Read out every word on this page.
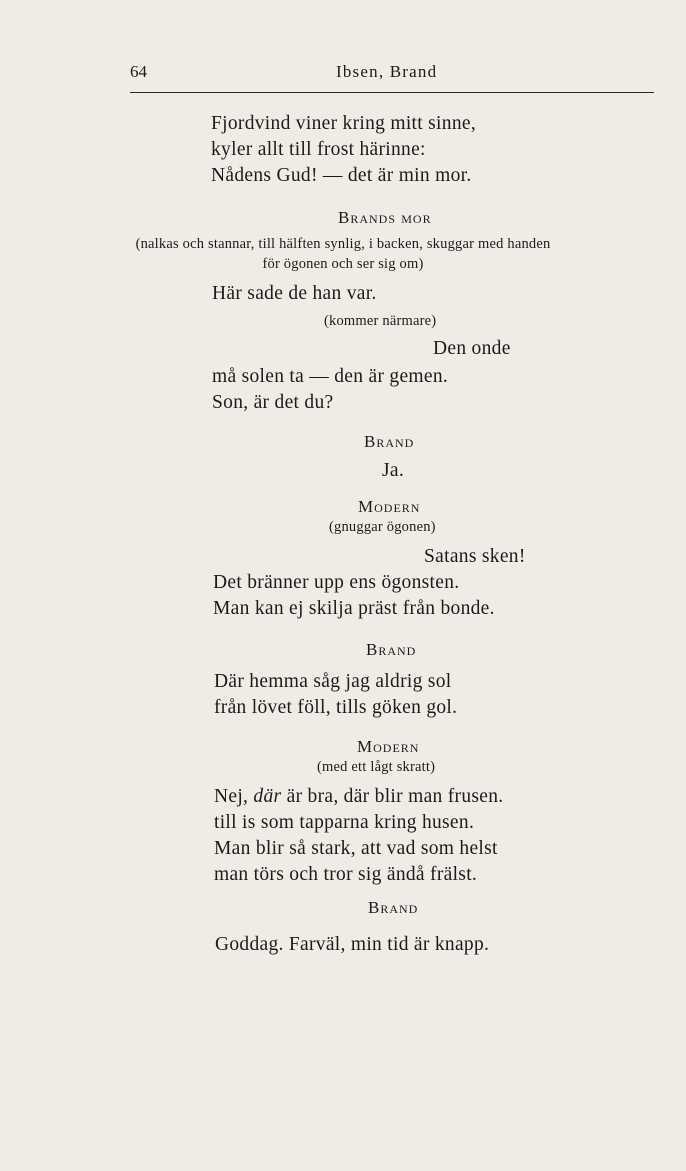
64	Ibsen, Brand
Fjordvind viner kring mitt sinne,
kyler allt till frost härinne:
Nådens Gud! — det är min mor.
Brands mor
(nalkas och stannar, till hälften synlig, i backen, skuggar med handen
för ögonen och ser sig om)
Här sade de han var.
(kommer närmare)
Den onde
må solen ta — den är gemen.
Son, är det du?
Brand
Ja.
Modern
(gnuggar ögonen)
Satans sken!
Det bränner upp ens ögonsten.
Man kan ej skilja präst från bonde.
Brand
Där hemma såg jag aldrig sol
från lövet föll, tills göken gol.
Modern
(med ett lågt skratt)
Nej, där är bra, där blir man frusen.
till is som tapparna kring husen.
Man blir så stark, att vad som helst
man törs och tror sig ändå frälst.
Brand
Goddag. Farväl, min tid är knapp.
